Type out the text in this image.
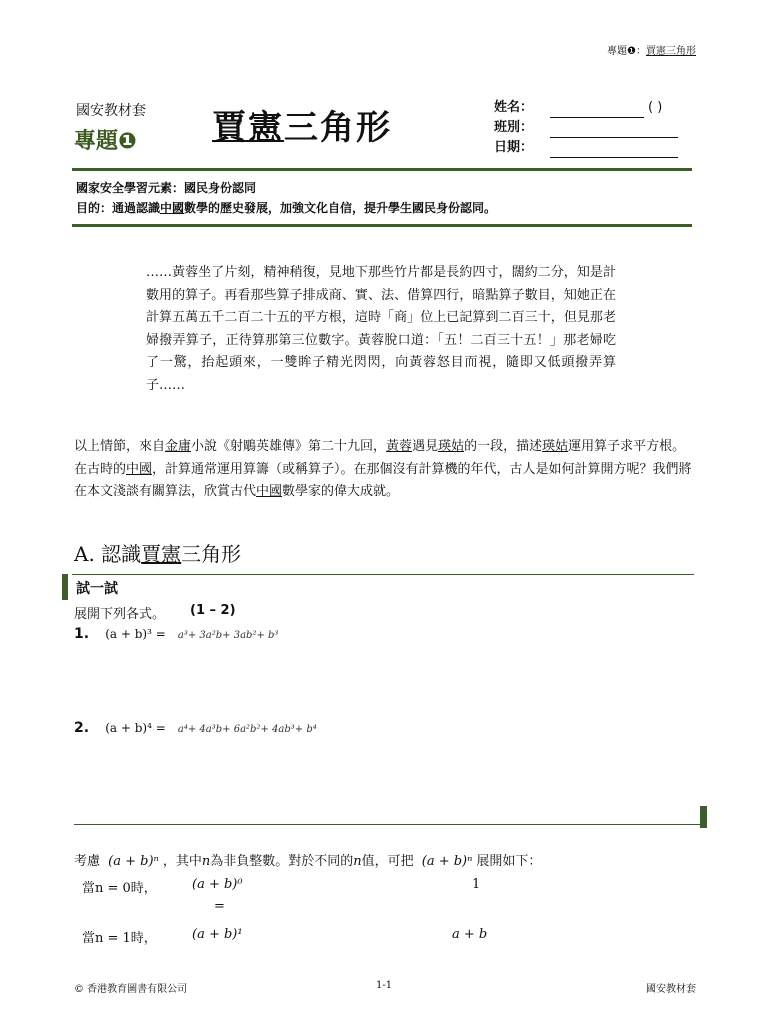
專題❶：賈憲三角形
國安教材套
專題❶ 賈憲三角形
姓名：	( )
班別：
日期：
國家安全學習元素：國民身份認同
目的：通過認識中國數學的歷史發展，加強文化自信，提升學生國民身份認同。
……黃蓉坐了片刻，精神稍復，見地下那些竹片都是長約四寸，闊約二分，知是計數用的算子。再看那些算子排成商、實、法、借算四行，暗點算子數目，知她正在計算五萬五千二百二十五的平方根，這時「商」位上已記算到二百三十，但見那老婦撥弄算子，正待算那第三位數字。黃蓉脫口道：「五！二百三十五！」那老婦吃了一驚，抬起頭來，一雙眸子精光閃閃，向黃蓉怒目而視，隨即又低頭撥弄算子……
以上情節，來自金庸小說《射鵰英雄傳》第二十九回，黃蓉遇見瑛姑的一段，描述瑛姑運用算子求平方根。在古時的中國，計算通常運用算籌（或稱算子）。在那個沒有計算機的年代，古人是如何計算開方呢？我們將在本文淺談有關算法，欣賞古代中國數學家的偉大成就。
A. 認識賈憲三角形
試一試
展開下列各式。 (1 – 2)
1. (a + b)³ = a³+ 3a²b+ 3ab²+ b³
2. (a + b)⁴ = a⁴+ 4a³b+ 6a²b²+ 4ab³+ b⁴
考慮 (a + b)ⁿ ，其中n為非負整數。對於不同的n值，可把 (a + b)ⁿ 展開如下：
當n = 0時，	(a + b)⁰	1
=
當n = 1時，	(a + b)¹	a + b
© 香港教育圖書有限公司	1-1	國安教材套
